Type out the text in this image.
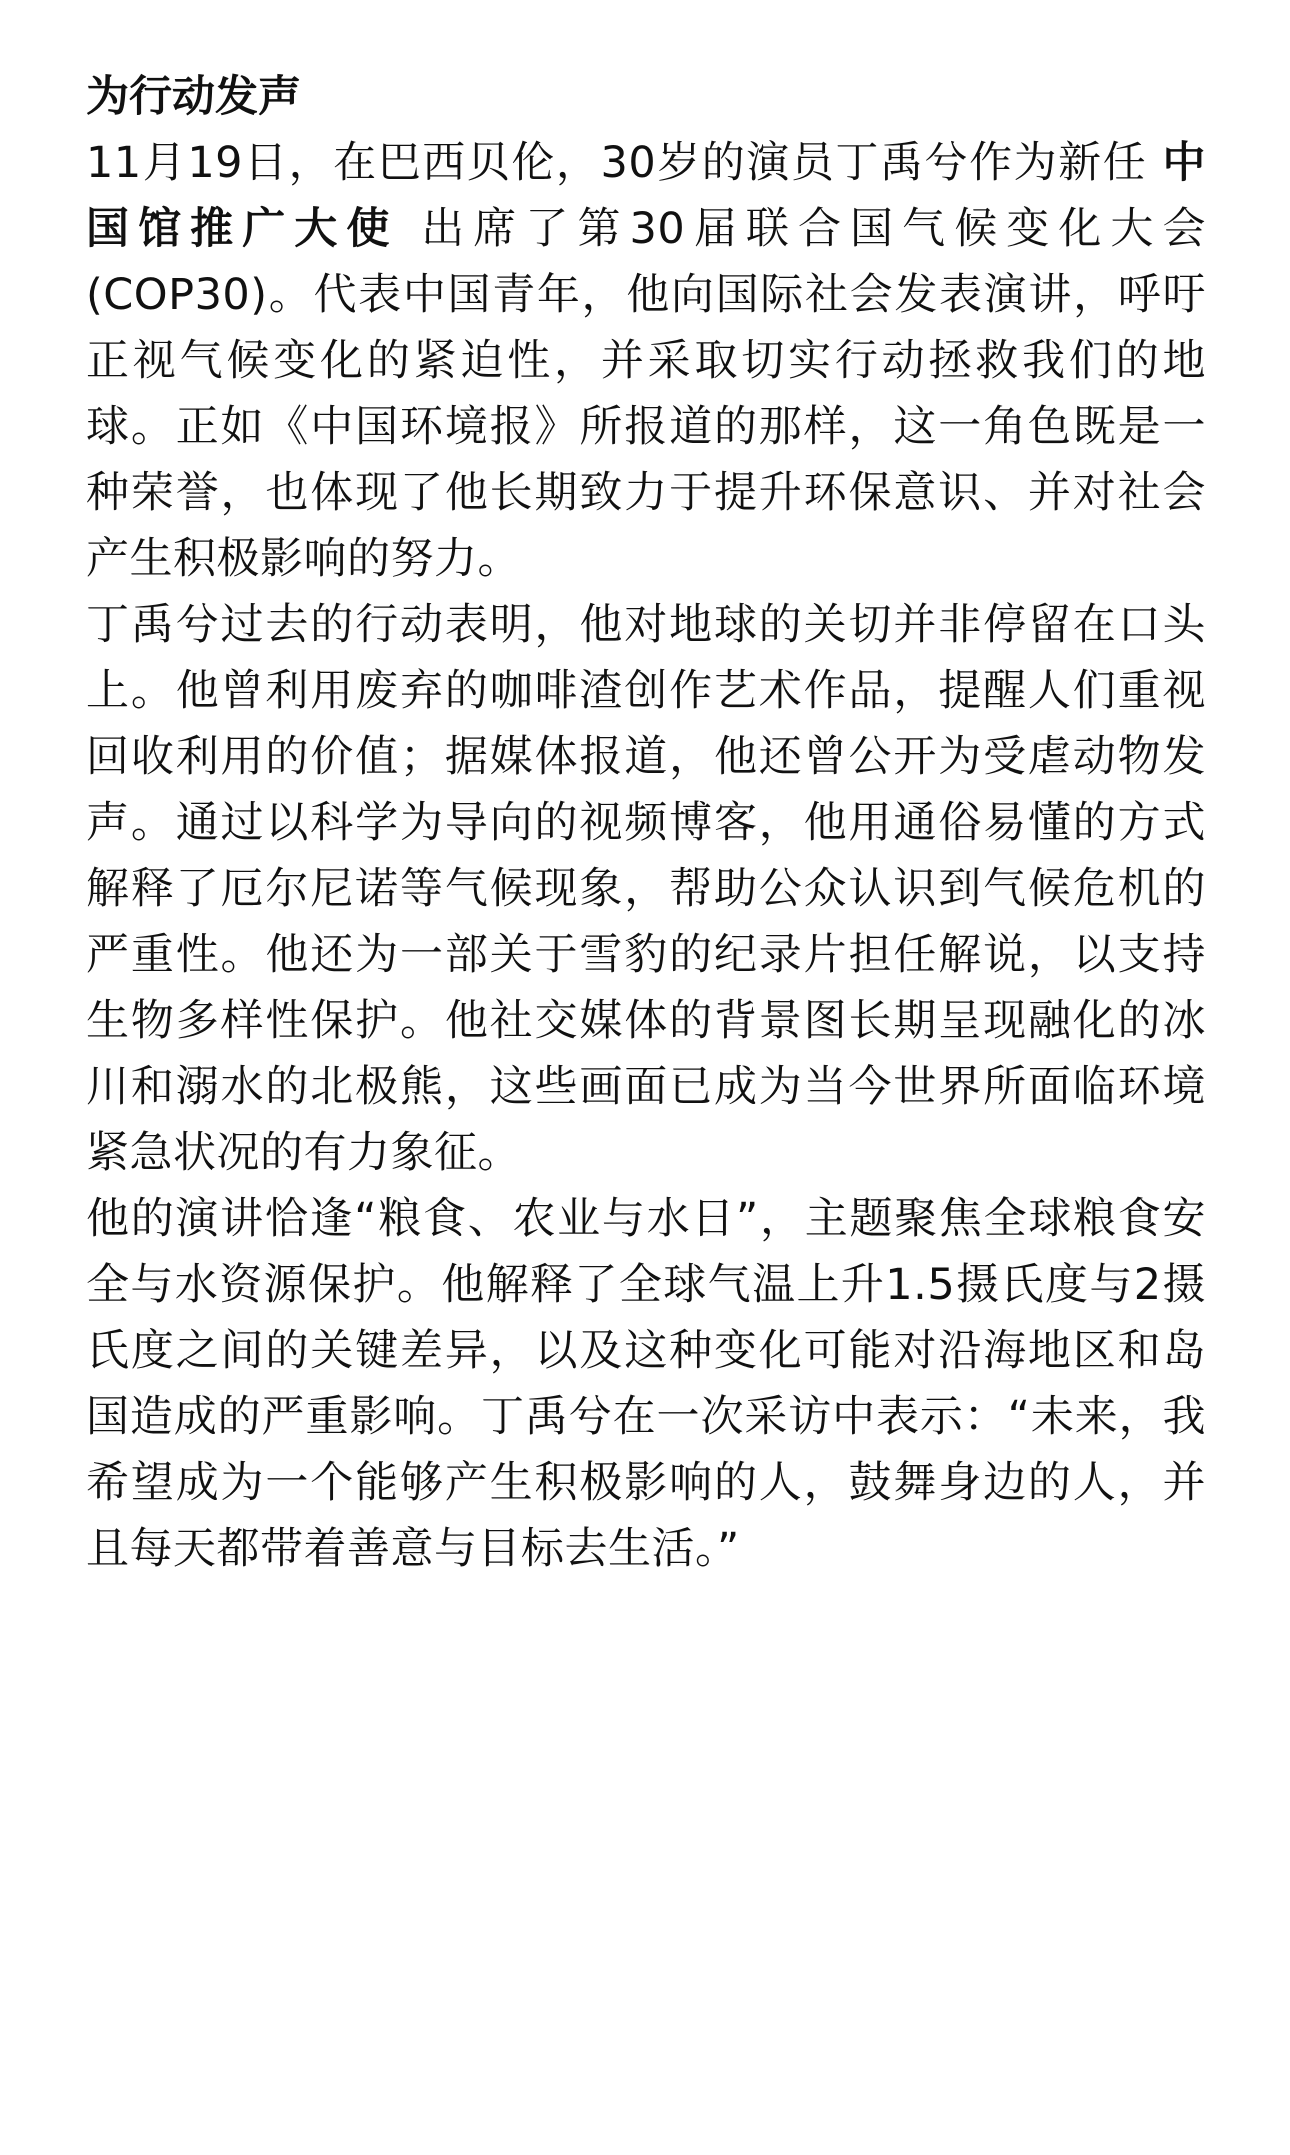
为行动发声

11月19日，在巴西贝伦，30岁的演员丁禹兮作为新任 中国馆推广大使 出席了第30届联合国气候变化大会 (COP30)。代表中国青年，他向国际社会发表演讲，呼吁正视气候变化的紧迫性，并采取切实行动拯救我们的地球。正如《中国环境报》所报道的那样，这一角色既是一种荣誉，也体现了他长期致力于提升环保意识、并对社会产生积极影响的努力。

丁禹兮过去的行动表明，他对地球的关切并非停留在口头上。他曾利用废弃的咖啡渣创作艺术作品，提醒人们重视回收利用的价值；据媒体报道，他还曾公开为受虐动物发声。通过以科学为导向的视频博客，他用通俗易懂的方式解释了厄尔尼诺等气候现象，帮助公众认识到气候危机的严重性。他还为一部关于雪豹的纪录片担任解说，以支持生物多样性保护。他社交媒体的背景图长期呈现融化的冰川和溺水的北极熊，这些画面已成为当今世界所面临环境紧急状况的有力象征。

他的演讲恰逢“粮食、农业与水日”，主题聚焦全球粮食安全与水资源保护。他解释了全球气温上升1.5摄氏度与2摄氏度之间的关键差异，以及这种变化可能对沿海地区和岛国造成的严重影响。丁禹兮在一次采访中表示：“未来，我希望成为一个能够产生积极影响的人，鼓舞身边的人，并且每天都带着善意与目标去生活。”
